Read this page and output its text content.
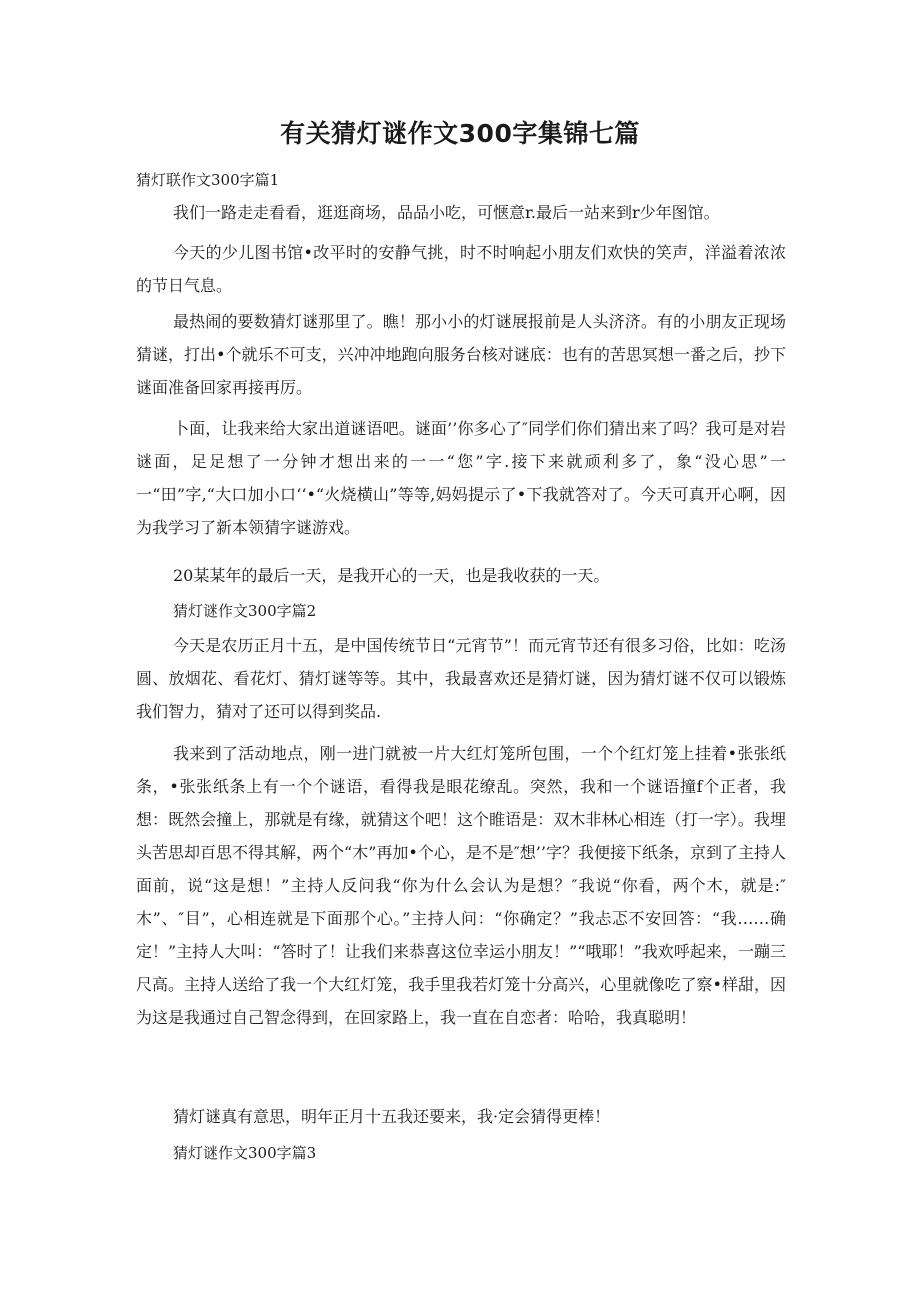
有关猜灯谜作文300字集锦七篇
猜灯联作文300字篇1

我们一路走走看看，逛逛商场，品品小吃，可惬意r.最后一站来到r少年图馆。

今天的少儿图书馆•改平时的安静气挑，时不时响起小朋友们欢快的笑声，洋溢着浓浓的节日气息。

最热闹的要数猜灯谜那里了。瞧！那小小的灯谜展报前是人头济济。有的小朋友正现场猜谜，打出•个就乐不可支，兴冲冲地跑向服务台核对谜底：也有的苦思冥想一番之后，抄下谜面准备回家再接再厉。

卜面，让我来给大家出道谜语吧。谜面’’你多心了″同学们你们猜出来了吗？我可是对岩谜面，足足想了一分钟才想出来的一一“您”字.接下来就顽利多了，象“没心思”一一“田”字,“大口加小口‘‘•“火烧横山”等等,妈妈提示了•下我就答对了。今天可真开心啊，因为我学习了新本领猜字谜游戏。

20某某年的最后一天，是我开心的一天，也是我收获的一天。

猜灯谜作文300字篇2

今天是农历正月十五，是中国传统节日“元宵节”！而元宵节还有很多习俗，比如：吃汤圆、放烟花、看花灯、猜灯谜等等。其中，我最喜欢还是猜灯谜，因为猜灯谜不仅可以锻炼我们智力，猜对了还可以得到奖品.

我来到了活动地点，刚一进门就被一片大红灯笼所包围，一个个红灯笼上挂着•张张纸条，•张张纸条上有一个个谜语，看得我是眼花缭乱。突然，我和一个谜语撞f个正者，我想：既然会撞上，那就是有缘，就猜这个吧！这个睢语是：双木非林心相连（打一字）。我埋头苦思却百思不得其解，两个“木”再加•个心，是不是″想’’字？我便接下纸条，京到了主持人面前，说“这是想！”主持人反问我“你为什么会认为是想？″我说“你看，两个木，就是:″木”、″目”，心相连就是下面那个心。”主持人问：“你确定？”我忐忑不安回答：“我……确定！”主持人大叫：“答时了！让我们来恭喜这位幸运小朋友！”“哦耶！”我欢呼起来，一蹦三尺高。主持人送给了我一个大红灯笼，我手里我若灯笼十分高兴，心里就像吃了察•样甜，因为这是我通过自己智念得到，在回家路上，我一直在自恋者：哈哈，我真聪明！

猜灯谜真有意思，明年正月十五我还要来，我·定会猜得更棒！

猜灯谜作文300字篇3
